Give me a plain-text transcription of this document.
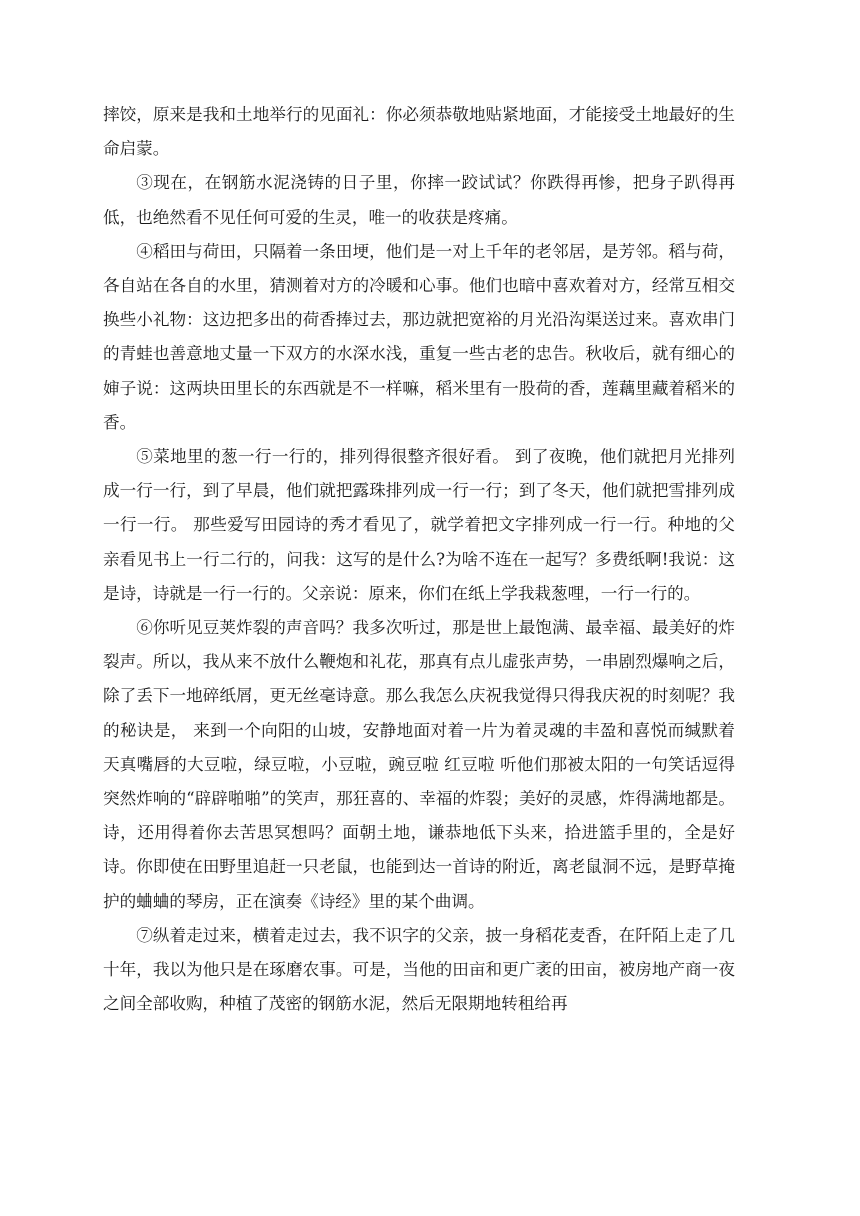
摔饺，原来是我和土地举行的见面礼：你必须恭敬地贴紧地面，才能接受土地最好的生命启蒙。

③现在，在钢筋水泥浇铸的日子里，你摔一跤试试？你跌得再惨，把身子趴得再低，也绝然看不见任何可爱的生灵，唯一的收获是疼痛。

④稻田与荷田，只隔着一条田埂，他们是一对上千年的老邻居，是芳邻。稻与荷，各自站在各自的水里，猜测着对方的冷暖和心事。他们也暗中喜欢着对方，经常互相交换些小礼物：这边把多出的荷香捧过去，那边就把宽裕的月光沿沟渠送过来。喜欢串门的青蛙也善意地丈量一下双方的水深水浅，重复一些古老的忠告。秋收后，就有细心的婶子说：这两块田里长的东西就是不一样嘛，稻米里有一股荷的香，莲藕里藏着稻米的香。

⑤菜地里的葱一行一行的，排列得很整齐很好看。 到了夜晚，他们就把月光排列成一行一行，到了早晨，他们就把露珠排列成一行一行；到了冬天，他们就把雪排列成一行一行。 那些爱写田园诗的秀才看见了，就学着把文字排列成一行一行。种地的父亲看见书上一行二行的，问我：这写的是什么?为啥不连在一起写？多费纸啊!我说：这是诗，诗就是一行一行的。父亲说：原来，你们在纸上学我栽葱哩，一行一行的。

⑥你听见豆荚炸裂的声音吗？我多次听过，那是世上最饱满、最幸福、最美好的炸裂声。所以，我从来不放什么鞭炮和礼花，那真有点儿虚张声势，一串剧烈爆响之后，除了丢下一地碎纸屑，更无丝毫诗意。那么我怎么庆祝我觉得只得我庆祝的时刻呢？我的秘诀是， 来到一个向阳的山坡，安静地面对着一片为着灵魂的丰盈和喜悦而缄默着天真嘴唇的大豆啦，绿豆啦，小豆啦，豌豆啦 红豆啦 听他们那被太阳的一句笑话逗得突然炸响的“辟辟啪啪”的笑声，那狂喜的、幸福的炸裂；美好的灵感，炸得满地都是。诗，还用得着你去苦思冥想吗？面朝土地，谦恭地低下头来，拾进篮手里的，全是好诗。你即使在田野里追赶一只老鼠，也能到达一首诗的附近，离老鼠洞不远，是野草掩护的蛐蛐的琴房，正在演奏《诗经》里的某个曲调。

⑦纵着走过来，横着走过去，我不识字的父亲，披一身稻花麦香，在阡陌上走了几十年，我以为他只是在琢磨农事。可是，当他的田亩和更广袤的田亩，被房地产商一夜之间全部收购，种植了茂密的钢筋水泥，然后无限期地转租给再
